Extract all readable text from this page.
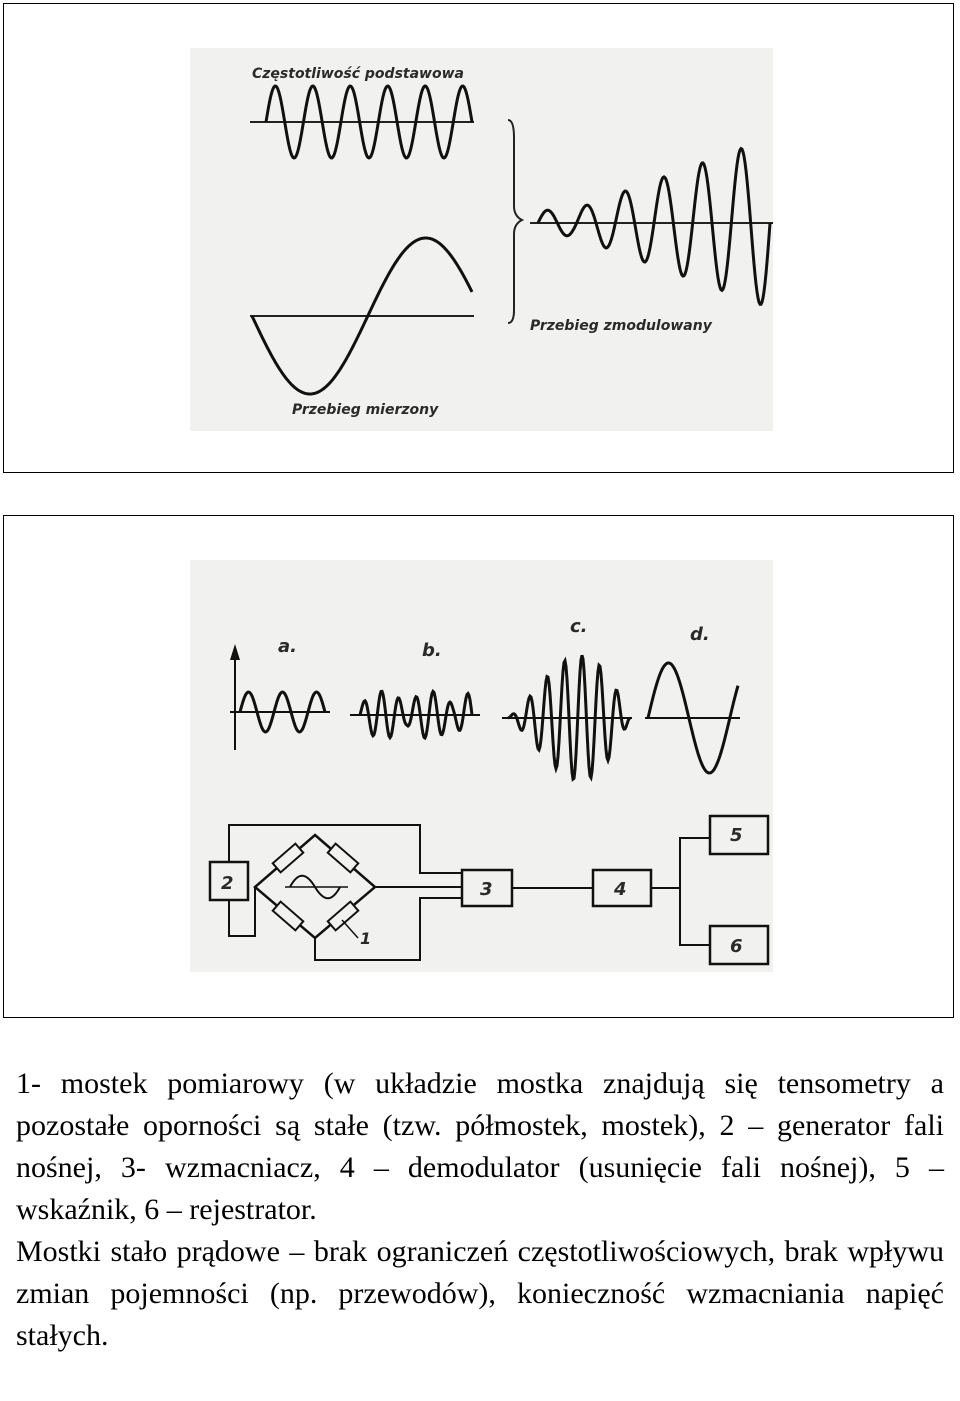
Częstotliwość podstawowa
Przebieg zmodulowany
Przebieg mierzony
a.	b.
c.	d.
2
1
3	4
5
6

1- mostek pomiarowy (w układzie mostka znajdują się tensometry a pozostałe oporności są stałe (tzw. półmostek, mostek), 2 – generator fali nośnej, 3- wzmacniacz, 4 – demodulator (usunięcie fali nośnej), 5 – wskaźnik, 6 – rejestrator.

Mostki stało prądowe – brak ograniczeń częstotliwościowych, brak wpływu zmian pojemności (np. przewodów), konieczność wzmacniania napięć stałych.
